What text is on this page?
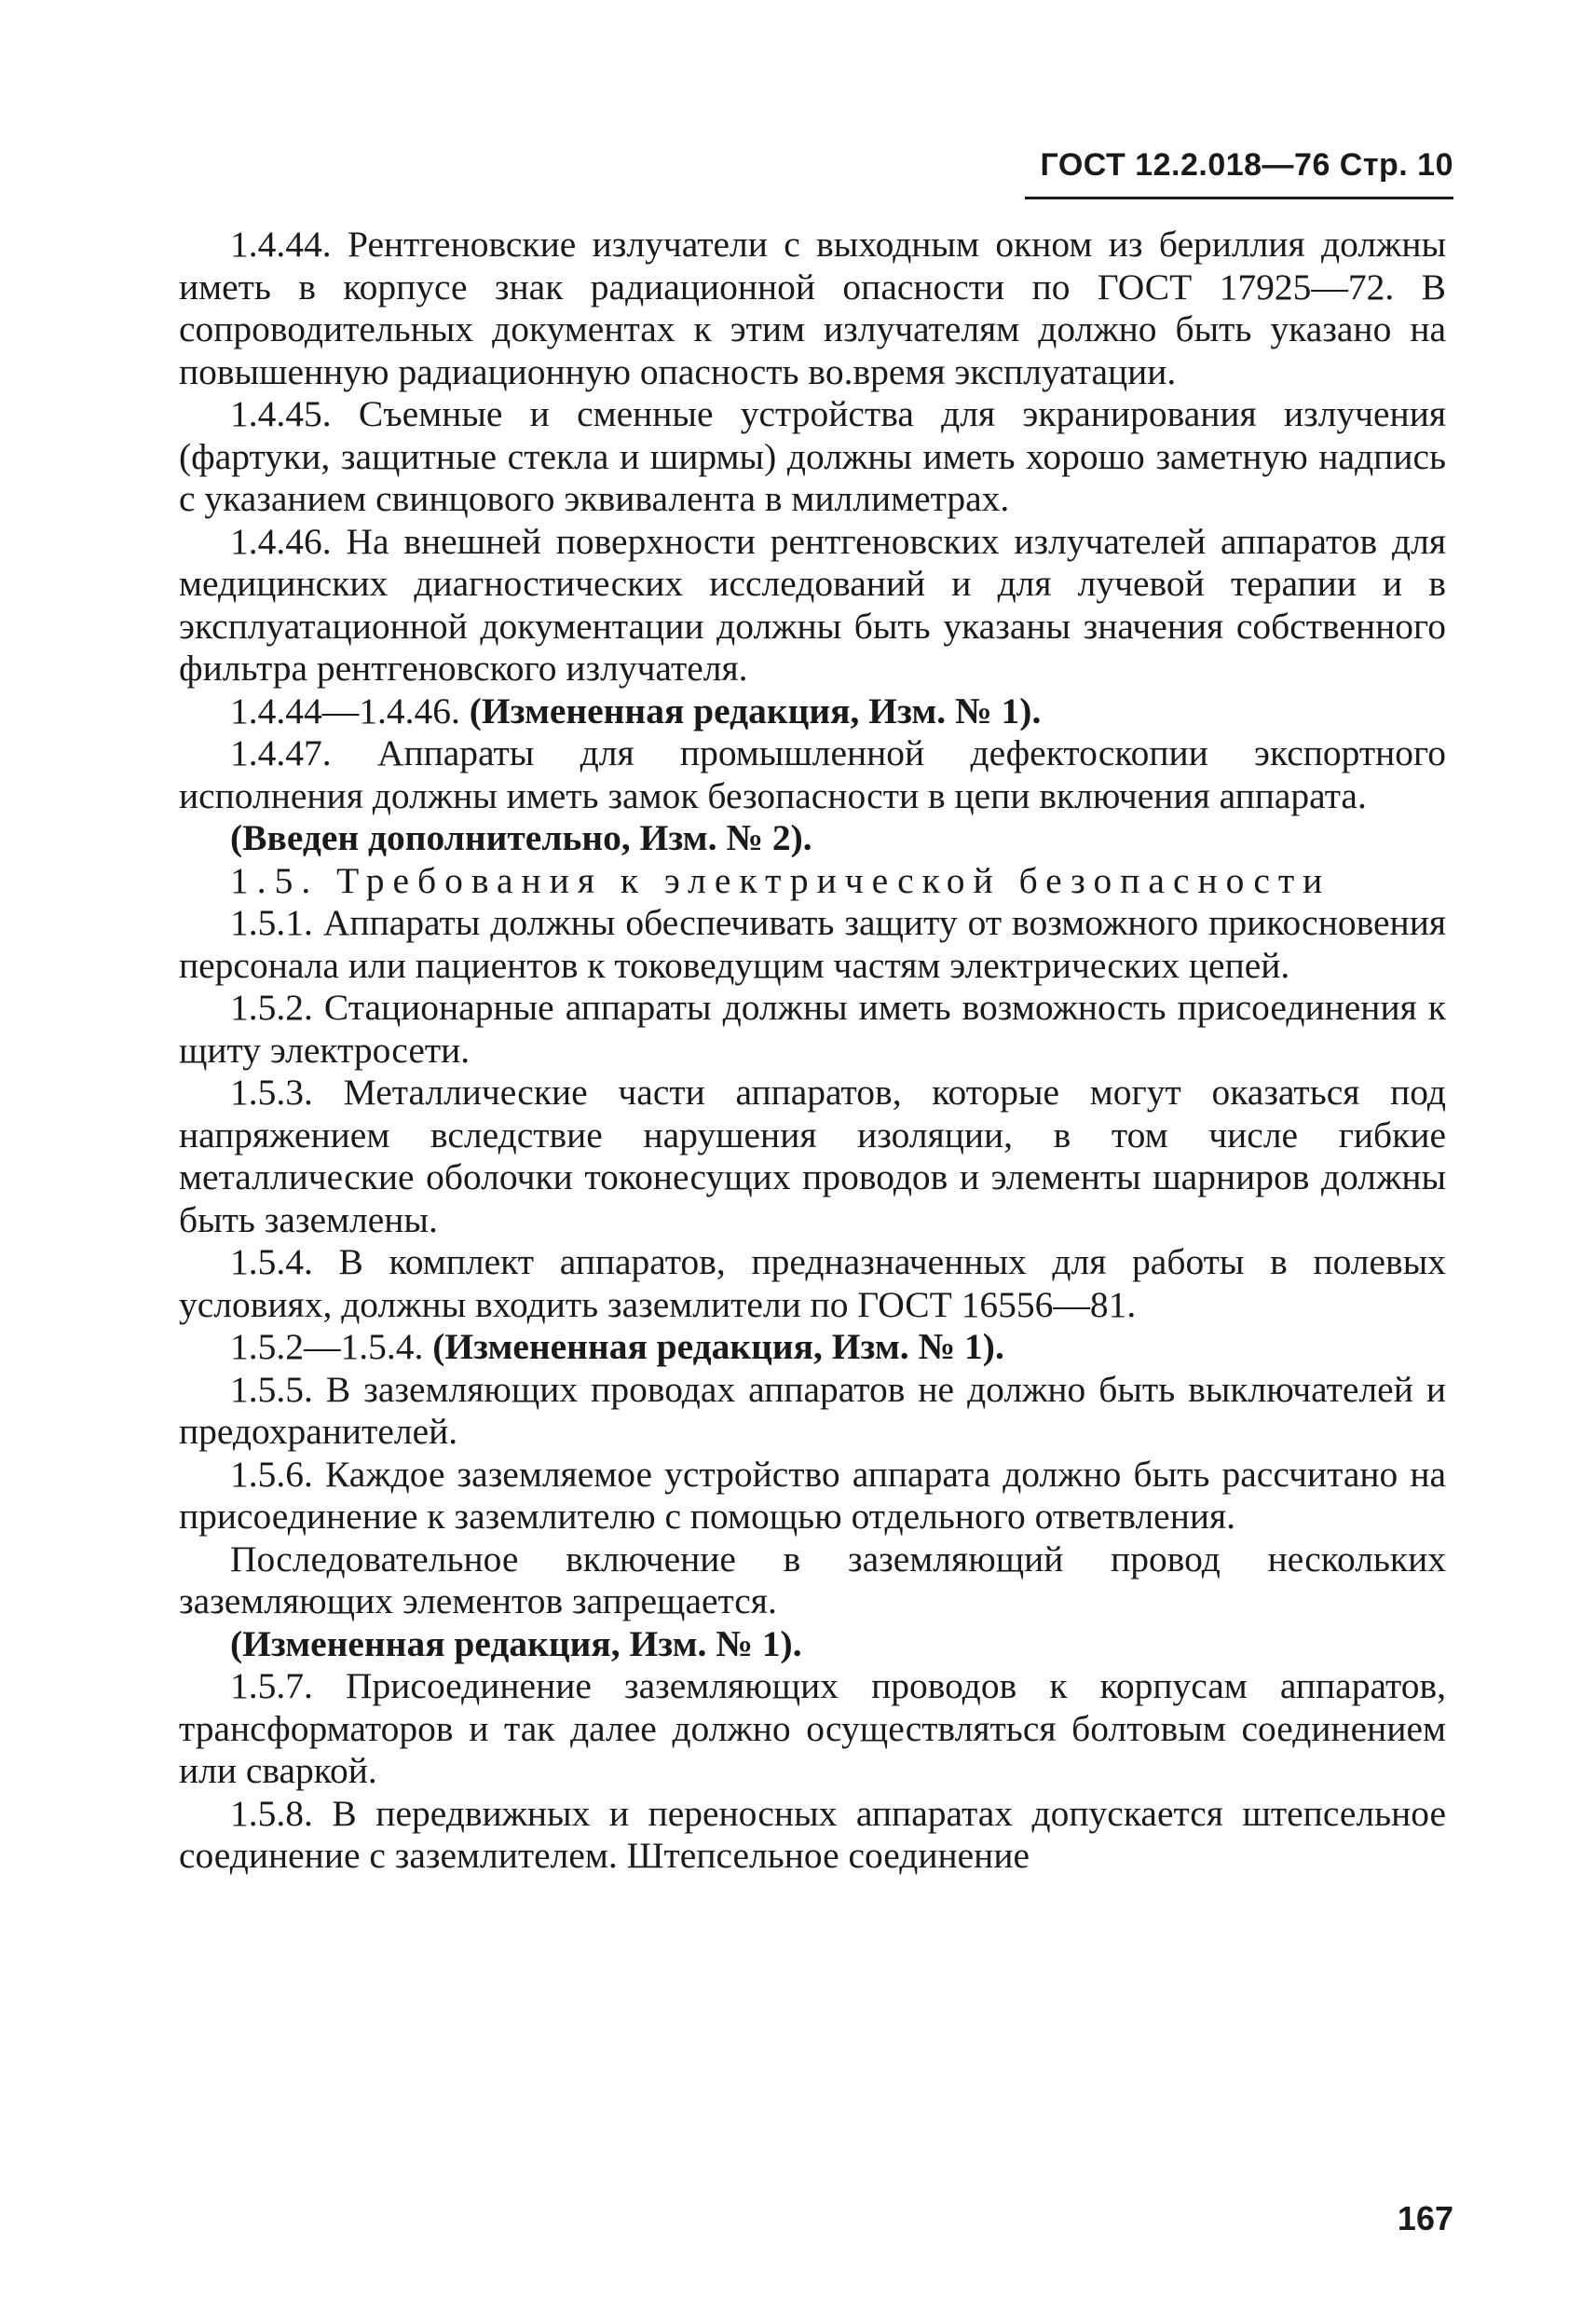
ГОСТ 12.2.018—76 Стр. 10

1.4.44. Рентгеновские излучатели с выходным окном из бериллия должны иметь в корпусе знак радиационной опасности по ГОСТ 17925—72. В сопроводительных документах к этим излучателям должно быть указано на повышенную радиационную опасность во.время эксплуатации.

1.4.45. Съемные и сменные устройства для экранирования излучения (фартуки, защитные стекла и ширмы) должны иметь хорошо заметную надпись с указанием свинцового эквивалента в миллиметрах.

1.4.46. На внешней поверхности рентгеновских излучателей аппаратов для медицинских диагностических исследований и для лучевой терапии и в эксплуатационной документации должны быть указаны значения собственного фильтра рентгеновского излучателя.

1.4.44—1.4.46. (Измененная редакция, Изм. № 1).

1.4.47. Аппараты для промышленной дефектоскопии экспортного исполнения должны иметь замок безопасности в цепи включения аппарата.

(Введен дополнительно, Изм. № 2).

1.5. Требования к электрической безопасности

1.5.1. Аппараты должны обеспечивать защиту от возможного прикосновения персонала или пациентов к токоведущим частям электрических цепей.

1.5.2. Стационарные аппараты должны иметь возможность присоединения к щиту электросети.

1.5.3. Металлические части аппаратов, которые могут оказаться под напряжением вследствие нарушения изоляции, в том числе гибкие металлические оболочки токонесущих проводов и элементы шарниров должны быть заземлены.

1.5.4. В комплект аппаратов, предназначенных для работы в полевых условиях, должны входить заземлители по ГОСТ 16556—81.

1.5.2—1.5.4. (Измененная редакция, Изм. № 1).

1.5.5. В заземляющих проводах аппаратов не должно быть выключателей и предохранителей.

1.5.6. Каждое заземляемое устройство аппарата должно быть рассчитано на присоединение к заземлителю с помощью отдельного ответвления.

Последовательное включение в заземляющий провод нескольких заземляющих элементов запрещается.

(Измененная редакция, Изм. № 1).

1.5.7. Присоединение заземляющих проводов к корпусам аппаратов, трансформаторов и так далее должно осуществляться болтовым соединением или сваркой.

1.5.8. В передвижных и переносных аппаратах допускается штепсельное соединение с заземлителем. Штепсельное соединение

167
